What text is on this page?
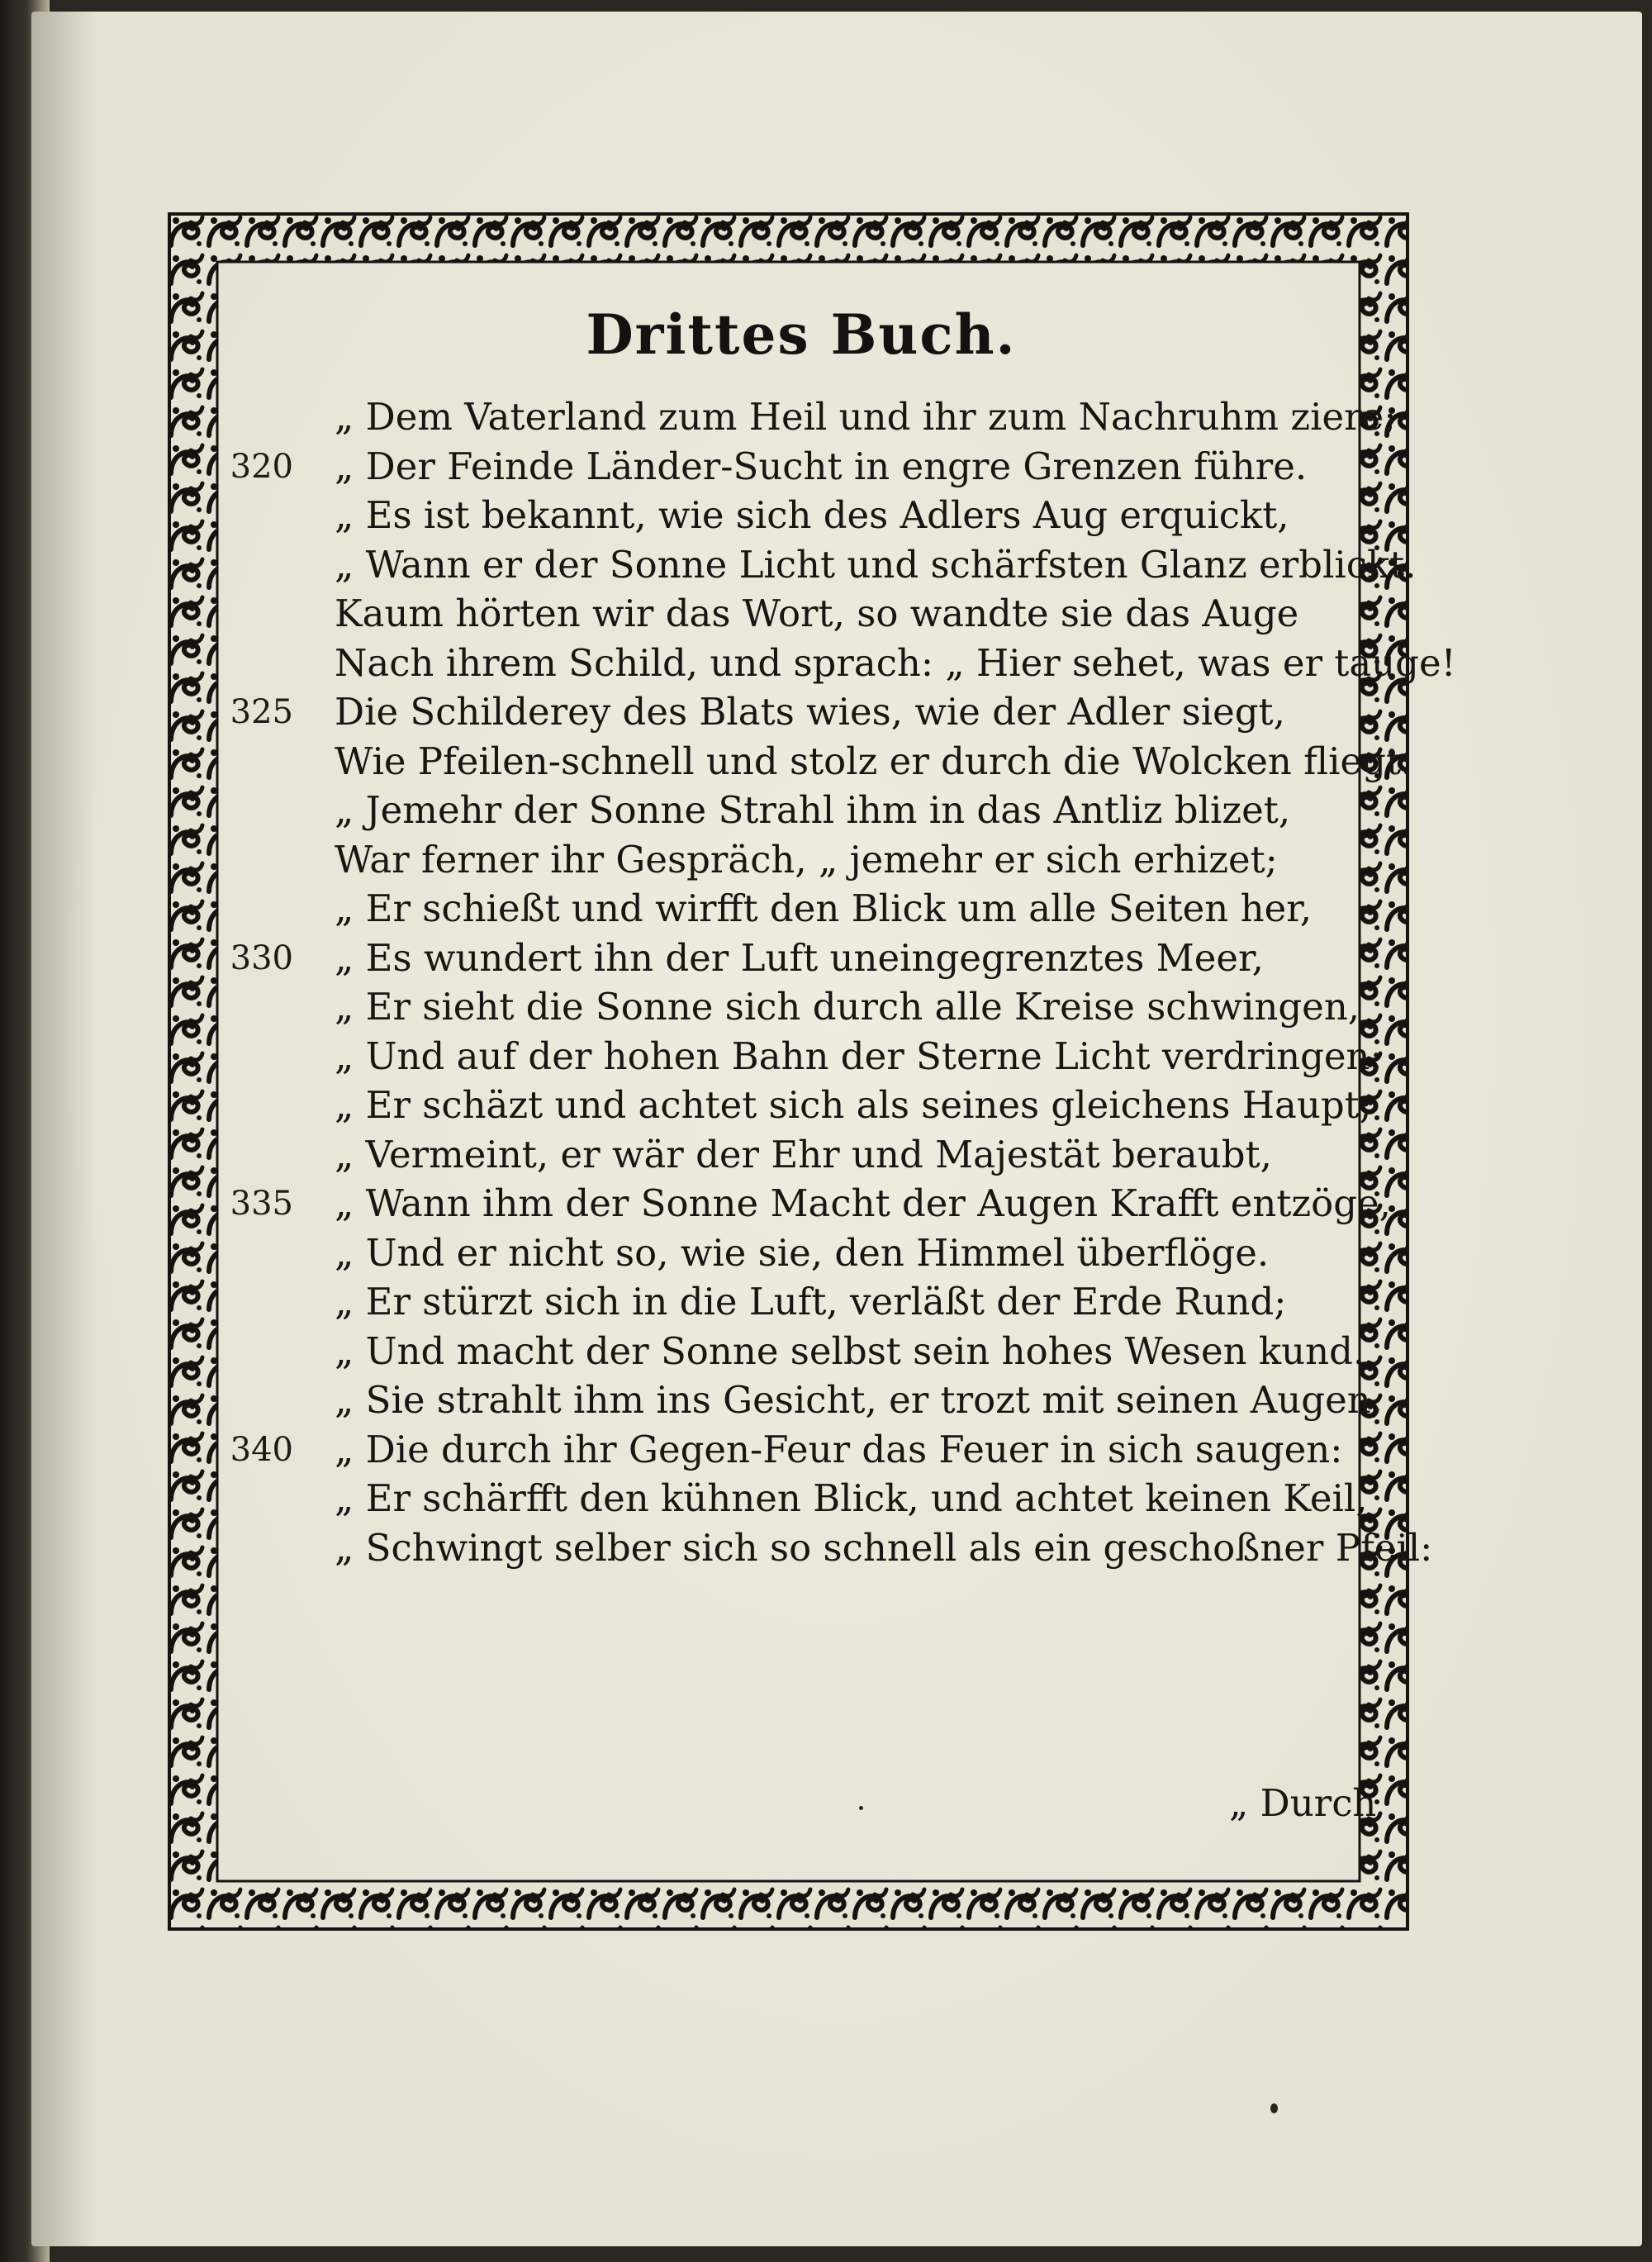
Drittes Buch.
„ Dem Vaterland zum Heil und ihr zum Nachruhm ziere;
320 „ Der Feinde Länder-Sucht in engre Grenzen führe.
„ Es ist bekannt, wie sich des Adlers Aug erquickt,
„ Wann er der Sonne Licht und schärfsten Glanz erblickt.
Kaum hörten wir das Wort, so wandte sie das Auge
Nach ihrem Schild, und sprach: „ Hier sehet, was er tauge!
325 Die Schilderey des Blats wies, wie der Adler siegt,
Wie Pfeilen-schnell und stolz er durch die Wolcken fliegt.
„ Jemehr der Sonne Strahl ihm in das Antliz blizet,
War ferner ihr Gespräch, „ jemehr er sich erhizet;
„ Er schießt und wirfft den Blick um alle Seiten her,
330 „ Es wundert ihn der Luft uneingegrenztes Meer,
„ Er sieht die Sonne sich durch alle Kreise schwingen,
„ Und auf der hohen Bahn der Sterne Licht verdringen:
„ Er schäzt und achtet sich als seines gleichens Haupt;
„ Vermeint, er wär der Ehr und Majestät beraubt,
335 „ Wann ihm der Sonne Macht der Augen Krafft entzöge,
„ Und er nicht so, wie sie, den Himmel überflöge.
„ Er stürzt sich in die Luft, verläßt der Erde Rund;
„ Und macht der Sonne selbst sein hohes Wesen kund.
„ Sie strahlt ihm ins Gesicht, er trozt mit seinen Augen,
340 „ Die durch ihr Gegen-Feur das Feuer in sich saugen:
„ Er schärfft den kühnen Blick, und achtet keinen Keil,
„ Schwingt selber sich so schnell als ein geschoßner Pfeil:
„ Durch
